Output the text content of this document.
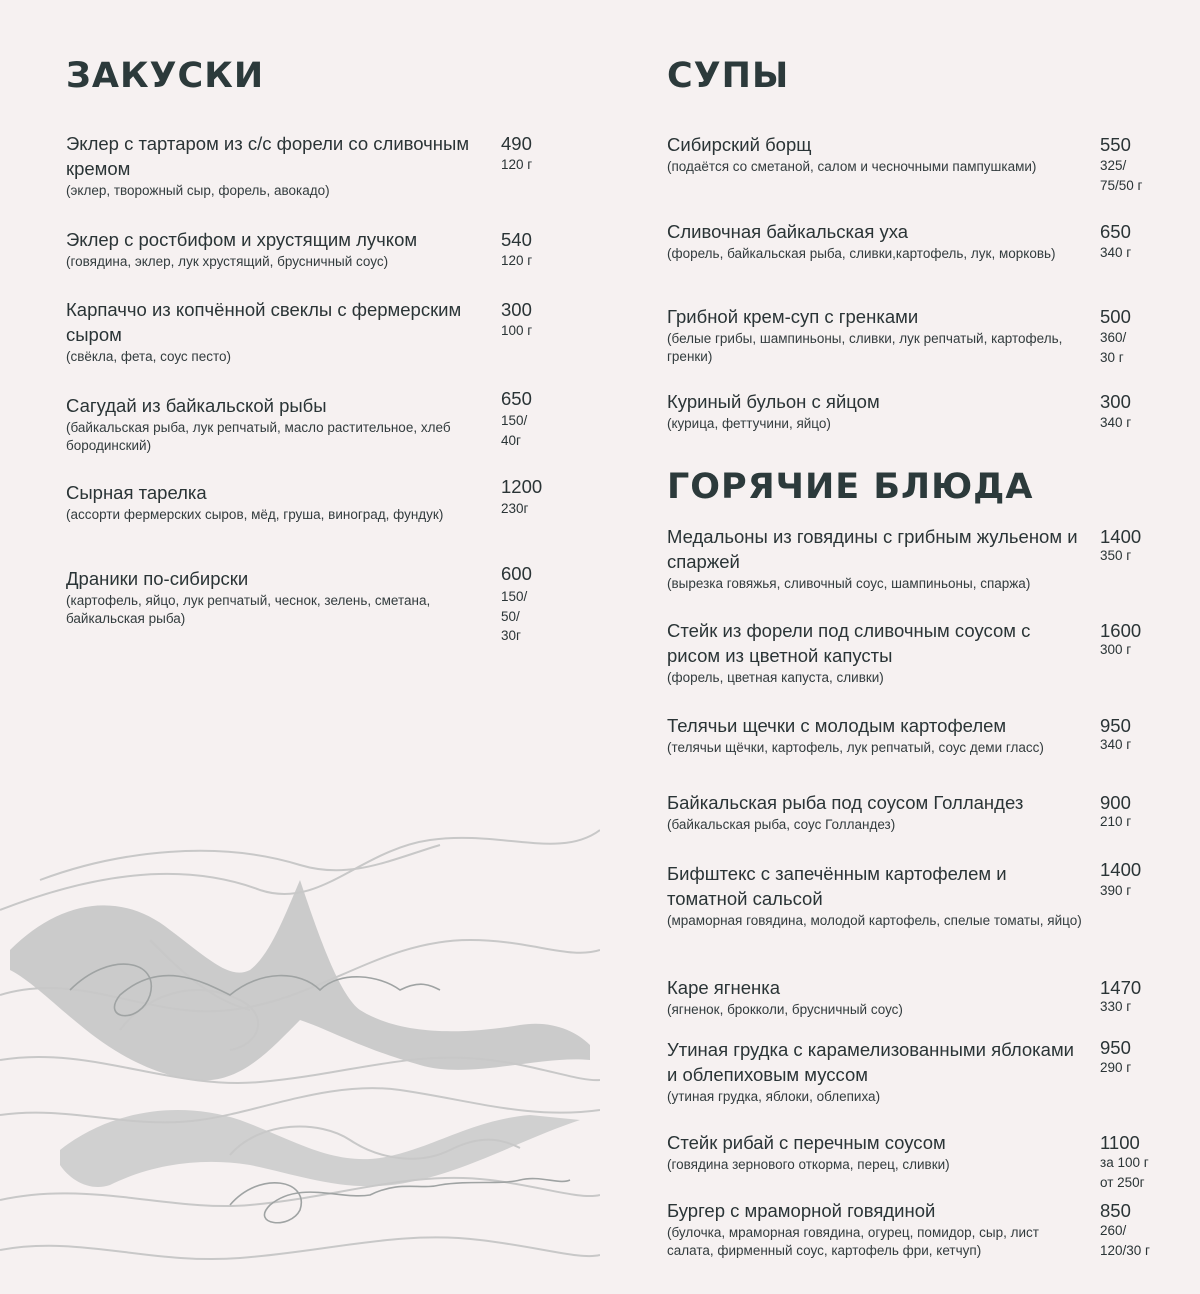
ЗАКУСКИ
Эклер с тартаром из с/с форели со сливочным кремом
(эклер, творожный сыр, форель, авокадо)
490
120 г
Эклер с ростбифом и хрустящим лучком
(говядина, эклер, лук хрустящий, брусничный соус)
540
120 г
Карпаччо из копчённой свеклы с фермерским сыром
(свёкла, фета, соус песто)
300
100 г
Сагудай из байкальской рыбы
(байкальская рыба, лук репчатый, масло растительное, хлеб бородинский)
650
150/ 40г
Сырная тарелка
(ассорти фермерских сыров, мёд, груша, виноград, фундук)
1200
230г
Драники по-сибирски
(картофель, яйцо, лук репчатый, чеснок, зелень, сметана, байкальская рыба)
600
150/ 50/ 30г
СУПЫ
Сибирский борщ
(подаётся со сметаной, салом и чесночными пампушками)
550
325/ 75/50 г
Сливочная байкальская уха
(форель, байкальская рыба, сливки,картофель, лук, морковь)
650
340 г
Грибной крем-суп с гренками
(белые грибы, шампиньоны, сливки, лук репчатый, картофель, гренки)
500
360/ 30 г
Куриный бульон с яйцом
(курица, феттучини, яйцо)
300
340 г
ГОРЯЧИЕ БЛЮДА
Медальоны из говядины с грибным жульеном и спаржей
(вырезка говяжья, сливочный соус, шампиньоны, спаржа)
1400
350 г
Стейк из форели под сливочным соусом с рисом из цветной капусты
(форель, цветная капуста, сливки)
1600
300 г
Телячьи щечки с молодым картофелем
(телячьи щёчки, картофель, лук репчатый, соус деми гласс)
950
340 г
Байкальская рыба под соусом Голландез
(байкальская рыба, соус Голландез)
900
210 г
Бифштекс с запечённым картофелем и томатной сальсой
(мраморная говядина, молодой картофель, спелые томаты, яйцо)
1400
390 г
Каре ягненка
(ягненок, брокколи, брусничный соус)
1470
330 г
Утиная грудка с карамелизованными яблоками и облепиховым муссом
(утиная грудка, яблоки, облепиха)
950
290 г
Стейк рибай с перечным соусом
(говядина зернового откорма, перец, сливки)
1100
за 100 г от 250г
Бургер с мраморной говядиной
(булочка, мраморная говядина, огурец, помидор, сыр, лист салата, фирменный соус, картофель фри, кетчуп)
850
260/ 120/30 г
